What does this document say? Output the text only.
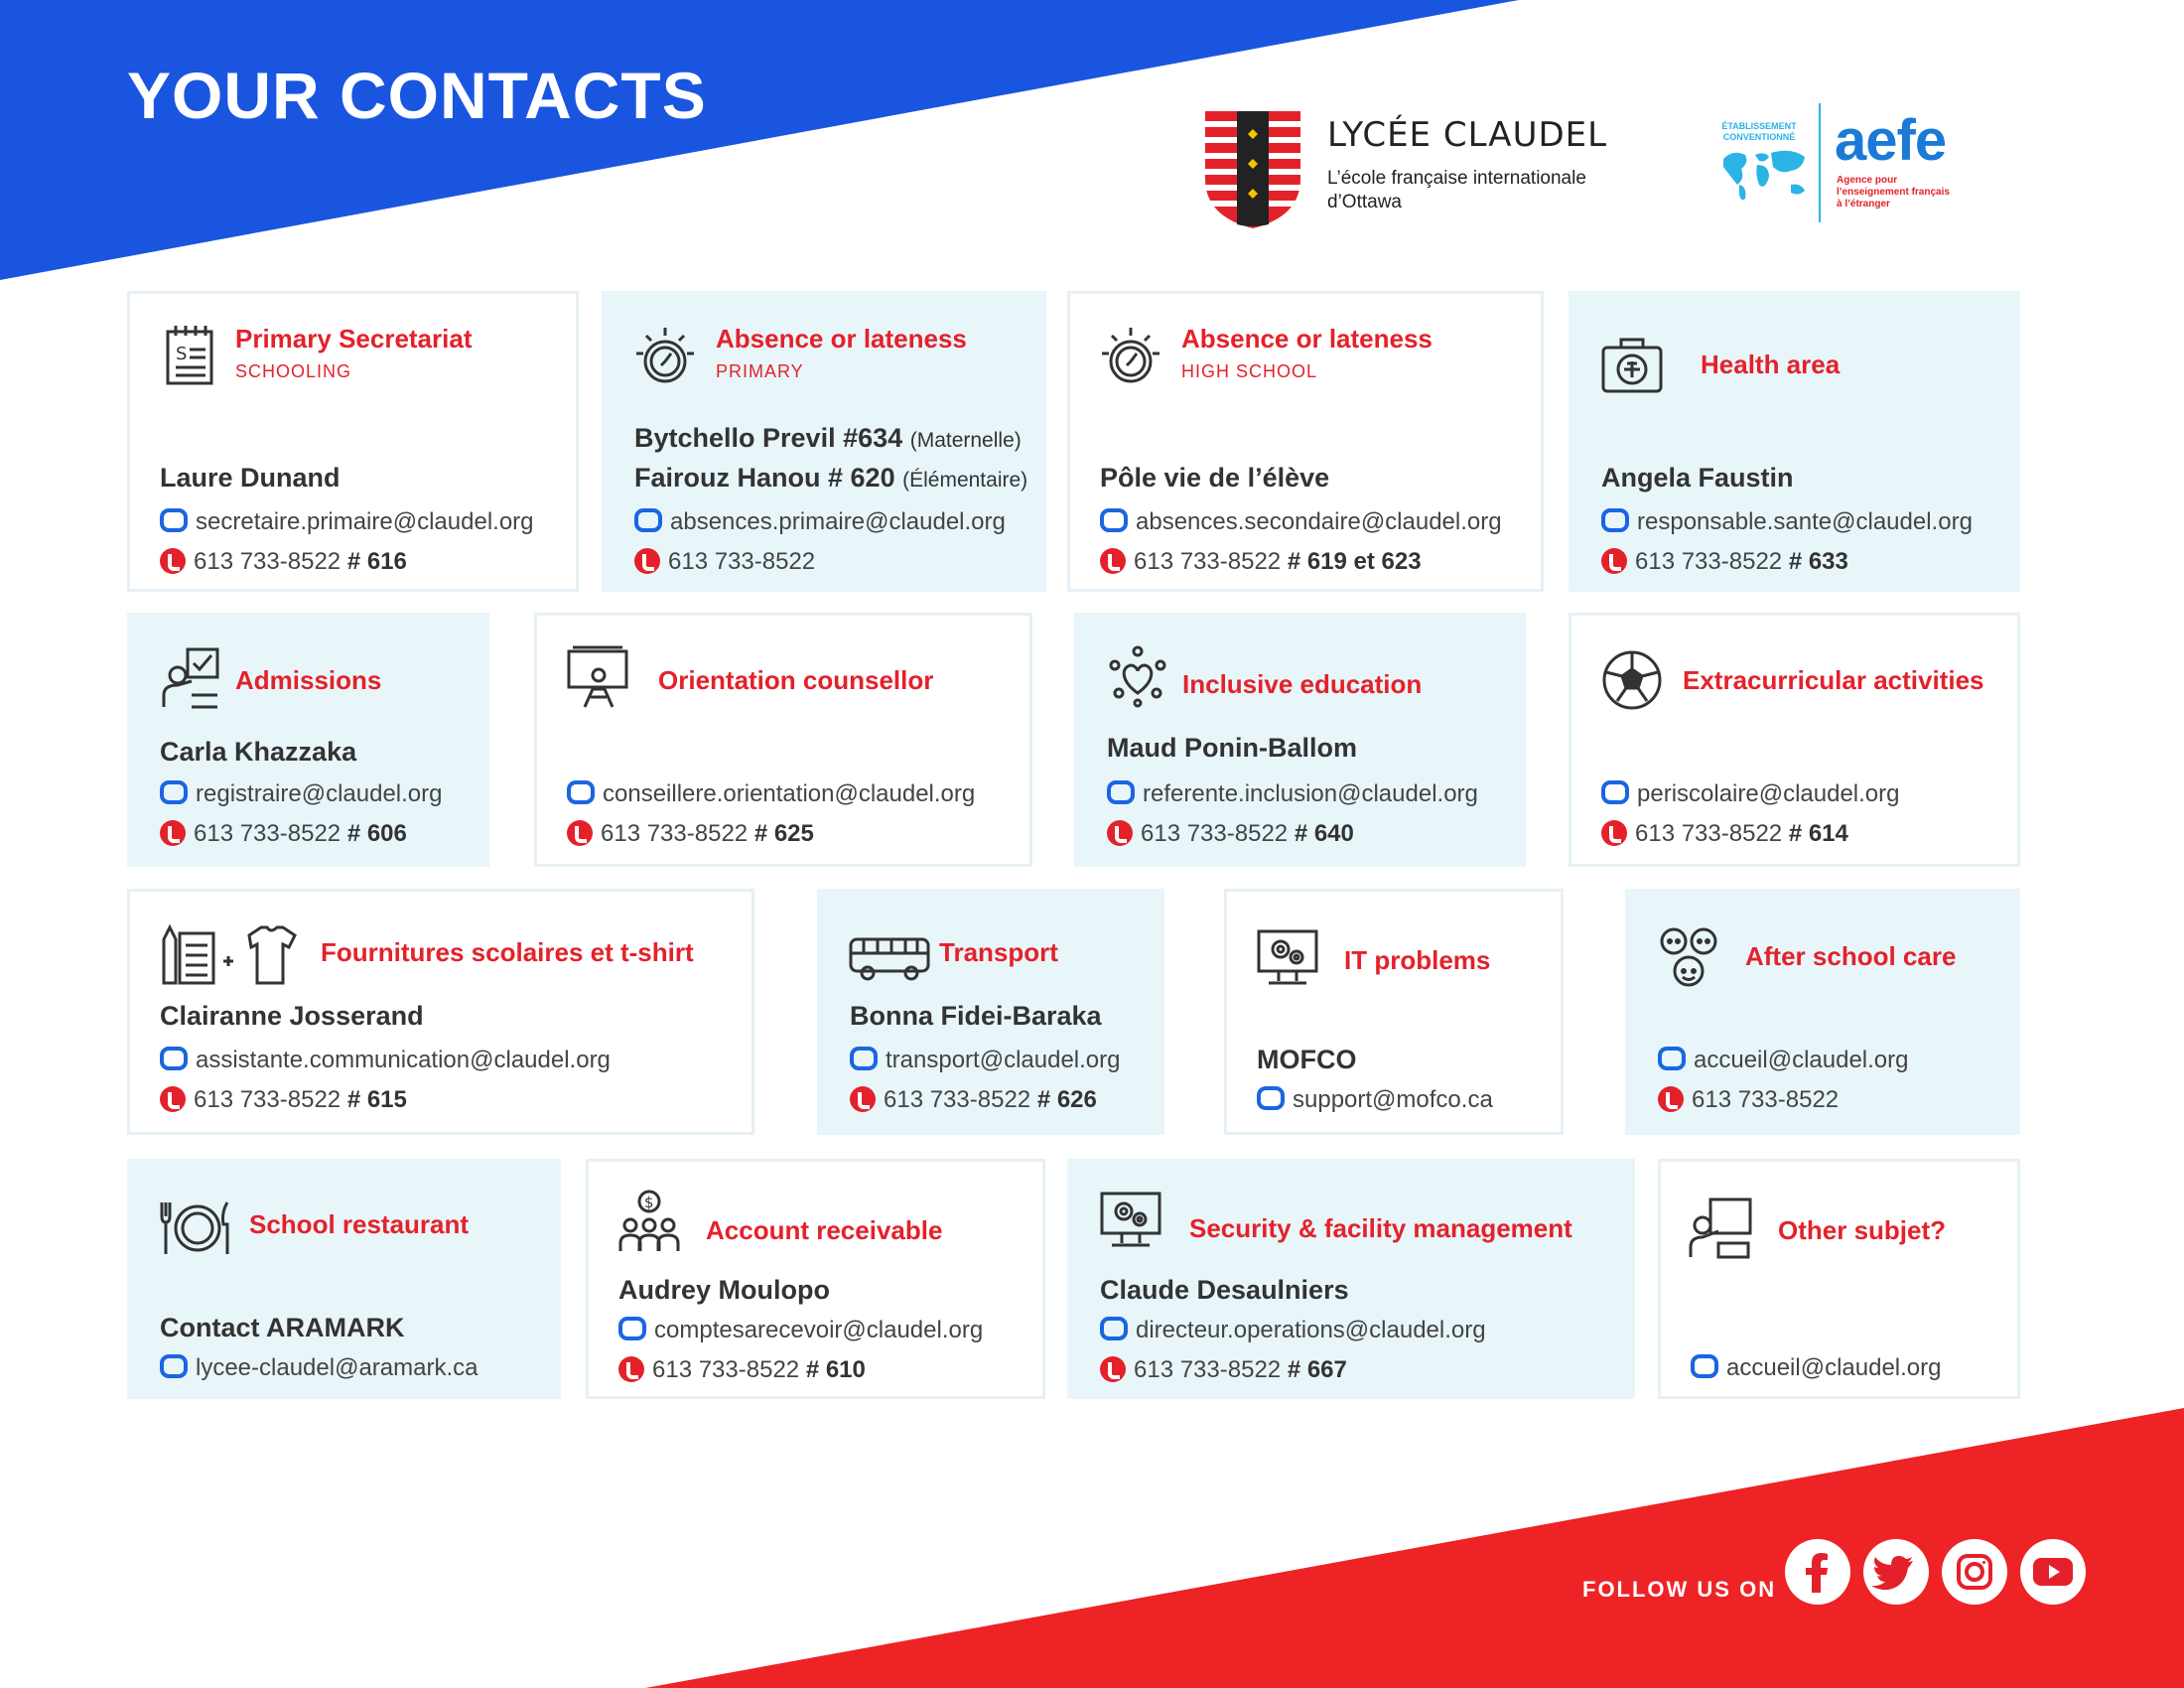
YOUR CONTACTS
LYCÉE CLAUDEL
L’école française internationale
d’Ottawa
ÉTABLISSEMENT
CONVENTIONNÉ aefe
Agence pour
l’enseignement français
à l’étranger
S
Primary Secretariat
SCHOOLING
Laure Dunand
secretaire.primaire@claudel.org
613 733-8522 # 616
Absence or lateness
PRIMARY
Bytchello Previl #634 (Maternelle)
Fairouz Hanou # 620 (Élémentaire)
absences.primaire@claudel.org
613 733-8522
Absence or lateness
HIGH SCHOOL
Pôle vie de l’élève
absences.secondaire@claudel.org
613 733-8522 # 619 et 623
Health area
Angela Faustin
responsable.sante@claudel.org
613 733-8522 # 633
Admissions
Carla Khazzaka
registraire@claudel.org
613 733-8522 # 606
Orientation counsellor
conseillere.orientation@claudel.org
613 733-8522 # 625
Inclusive education
Maud Ponin-Ballom
referente.inclusion@claudel.org
613 733-8522 # 640
Extracurricular activities
periscolaire@claudel.org
613 733-8522 # 614
Fournitures scolaires et t-shirt
Clairanne Josserand
assistante.communication@claudel.org
613 733-8522 # 615
Transport
Bonna Fidei-Baraka
transport@claudel.org
613 733-8522 # 626
IT problems
MOFCO
support@mofco.ca
After school care
accueil@claudel.org
613 733-8522
School restaurant
Contact ARAMARK
lycee-claudel@aramark.ca
$
Account receivable
Audrey Moulopo
comptesarecevoir@claudel.org
613 733-8522 # 610
Security & facility management
Claude Desaulniers
directeur.operations@claudel.org
613 733-8522 # 667
Other subjet?
accueil@claudel.org
FOLLOW US ON
